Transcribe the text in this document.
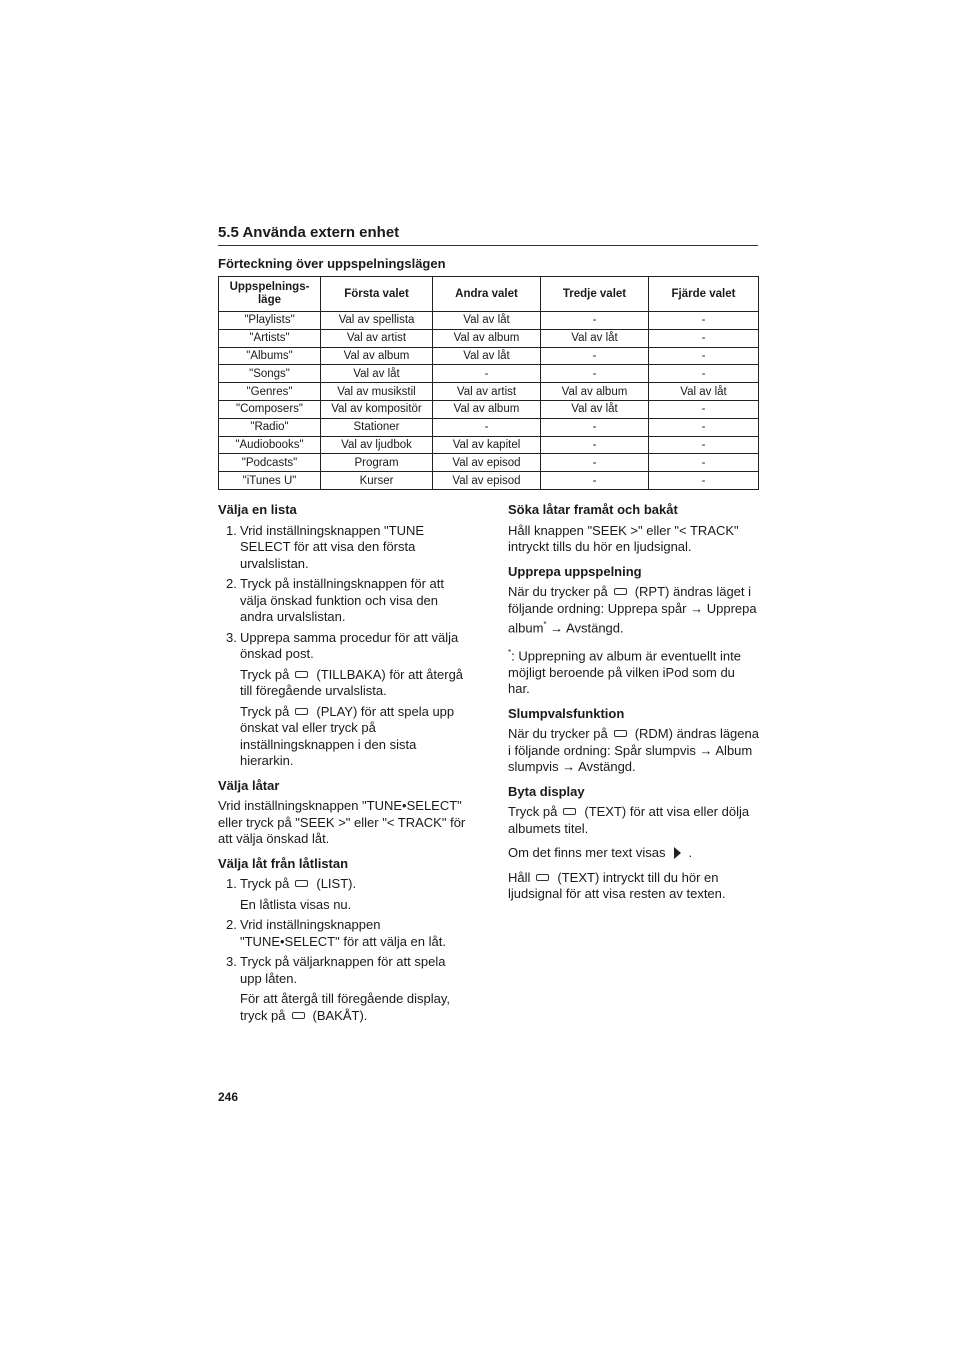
5.5 Använda extern enhet
Förteckning över uppspelningslägen
Uppspelnings-läge	Första valet	Andra valet	Tredje valet	Fjärde valet
"Playlists"	Val av spellista	Val av låt	-	-
"Artists"	Val av artist	Val av album	Val av låt	-
"Albums"	Val av album	Val av låt	-	-
"Songs"	Val av låt	-	-	-
"Genres"	Val av musikstil	Val av artist	Val av album	Val av låt
"Composers"	Val av kompositör	Val av album	Val av låt	-
"Radio"	Stationer	-	-	-
"Audiobooks"	Val av ljudbok	Val av kapitel	-	-
"Podcasts"	Program	Val av episod	-	-
"iTunes U"	Kurser	Val av episod	-	-
Välja en lista
1. Vrid inställningsknappen "TUNE SELECT för att visa den första urvalslistan.
2. Tryck på inställningsknappen för att välja önskad funktion och visa den andra urvalslistan.
3. Upprepa samma procedur för att välja önskad post.
Tryck på (TILLBAKA) för att återgå till föregående urvalslista.
Tryck på (PLAY) för att spela upp önskat val eller tryck på inställningsknappen i den sista hierarkin.
Välja låtar

Vrid inställningsknappen "TUNE•SELECT" eller tryck på "SEEK >" eller "< TRACK" för att välja önskad låt.

Välja låt från låtlistan
1. Tryck på (LIST).
En låtlista visas nu.
2. Vrid inställningsknappen "TUNE•SELECT" för att välja en låt.
3. Tryck på väljarknappen för att spela upp låten.
För att återgå till föregående display, tryck på (BAKÅT).
Söka låtar framåt och bakåt

Håll knappen "SEEK >" eller "< TRACK" intryckt tills du hör en ljudsignal.

Upprepa uppspelning

När du trycker på (RPT) ändras läget i följande ordning: Upprepa spår → Upprepa album* → Avstängd.

*: Upprepning av album är eventuellt inte möjligt beroende på vilken iPod som du har.

Slumpvalsfunktion

När du trycker på (RDM) ändras lägena i följande ordning: Spår slumpvis → Album slumpvis → Avstängd.

Byta display

Tryck på (TEXT) för att visa eller dölja albumets titel.

Om det finns mer text visas .

Håll (TEXT) intryckt till du hör en ljudsignal för att visa resten av texten.

246
